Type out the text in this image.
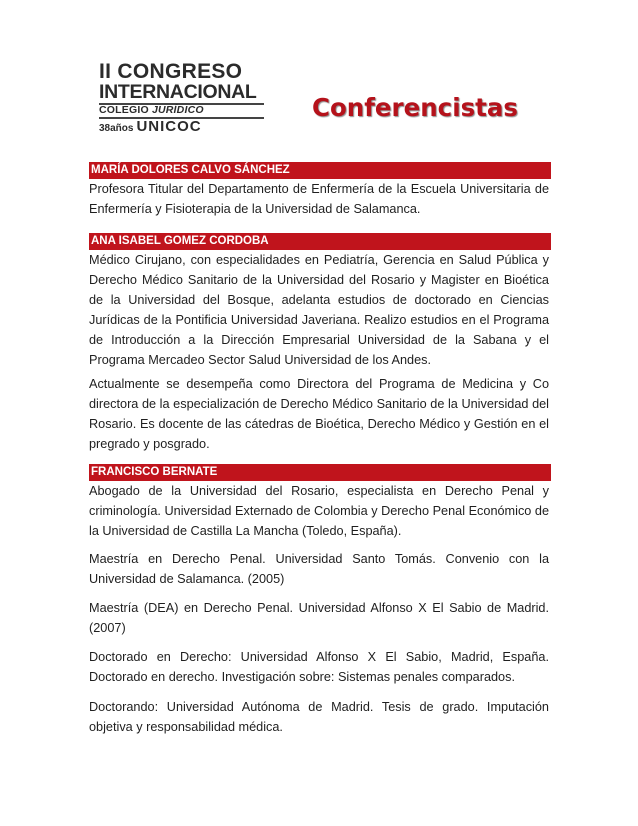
II CONGRESO
INTERNACIONAL
COLEGIO JURÍDICO
38años UNICOC
Conferencistas
MARÍA DOLORES CALVO SÁNCHEZ
Profesora Titular del Departamento de Enfermería de la Escuela Universitaria de Enfermería y Fisioterapia de la Universidad de Salamanca.
ANA ISABEL GOMEZ CORDOBA
Médico Cirujano, con especialidades en Pediatría, Gerencia en Salud Pública y Derecho Médico Sanitario de la Universidad del Rosario y Magister en Bioética de la Universidad del Bosque, adelanta estudios de doctorado en Ciencias Jurídicas de la Pontificia Universidad Javeriana. Realizo estudios en el Programa de Introducción a la Dirección Empresarial Universidad de la Sabana y el Programa Mercadeo Sector Salud Universidad de los Andes.
Actualmente se desempeña como Directora del Programa de Medicina y Co directora de la especialización de Derecho Médico Sanitario de la Universidad del Rosario. Es docente de las cátedras de Bioética, Derecho Médico y Gestión en el pregrado y posgrado.
FRANCISCO BERNATE
Abogado de la Universidad del Rosario, especialista en Derecho Penal y criminología. Universidad Externado de Colombia y Derecho Penal Económico de la Universidad de Castilla La Mancha (Toledo, España).
Maestría en Derecho Penal. Universidad Santo Tomás. Convenio con la Universidad de Salamanca. (2005)
Maestría (DEA) en Derecho Penal. Universidad Alfonso X El Sabio de Madrid. (2007)
Doctorado en Derecho: Universidad Alfonso X El Sabio, Madrid, España. Doctorado en derecho. Investigación sobre: Sistemas penales comparados.
Doctorando: Universidad Autónoma de Madrid. Tesis de grado. Imputación objetiva y responsabilidad médica.
